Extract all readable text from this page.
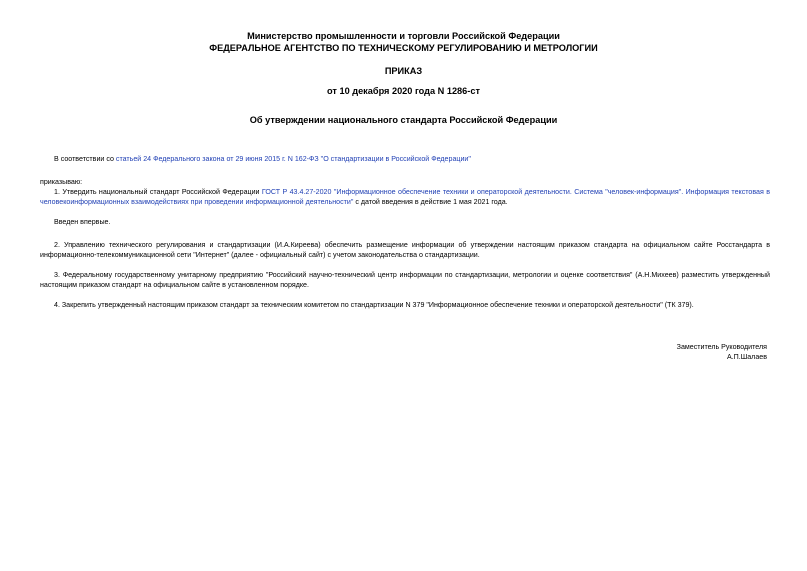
Министерство промышленности и торговли Российской Федерации
ФЕДЕРАЛЬНОЕ АГЕНТСТВО ПО ТЕХНИЧЕСКОМУ РЕГУЛИРОВАНИЮ И МЕТРОЛОГИИ
ПРИКАЗ
от 10 декабря 2020 года N 1286-ст
Об утверждении национального стандарта Российской Федерации
В соответствии со статьей 24 Федерального закона от 29 июня 2015 г. N 162-ФЗ "О стандартизации в Российской Федерации"
приказываю:
1. Утвердить национальный стандарт Российской Федерации ГОСТ Р 43.4.27-2020 "Информационное обеспечение техники и операторской деятельности. Система "человек-информация". Информация текстовая в человекоинформационных взаимодействиях при проведении информационной деятельности" с датой введения в действие 1 мая 2021 года.
Введен впервые.
2. Управлению технического регулирования и стандартизации (И.А.Киреева) обеспечить размещение информации об утверждении настоящим приказом стандарта на официальном сайте Росстандарта в информационно-телекоммуникационной сети "Интернет" (далее - официальный сайт) с учетом законодательства о стандартизации.
3. Федеральному государственному унитарному предприятию "Российский научно-технический центр информации по стандартизации, метрологии и оценке соответствия" (А.Н.Михеев) разместить утвержденный настоящим приказом стандарт на официальном сайте в установленном порядке.
4. Закрепить утвержденный настоящим приказом стандарт за техническим комитетом по стандартизации N 379 "Информационное обеспечение техники и операторской деятельности" (ТК 379).
Заместитель Руководителя
А.П.Шалаев
